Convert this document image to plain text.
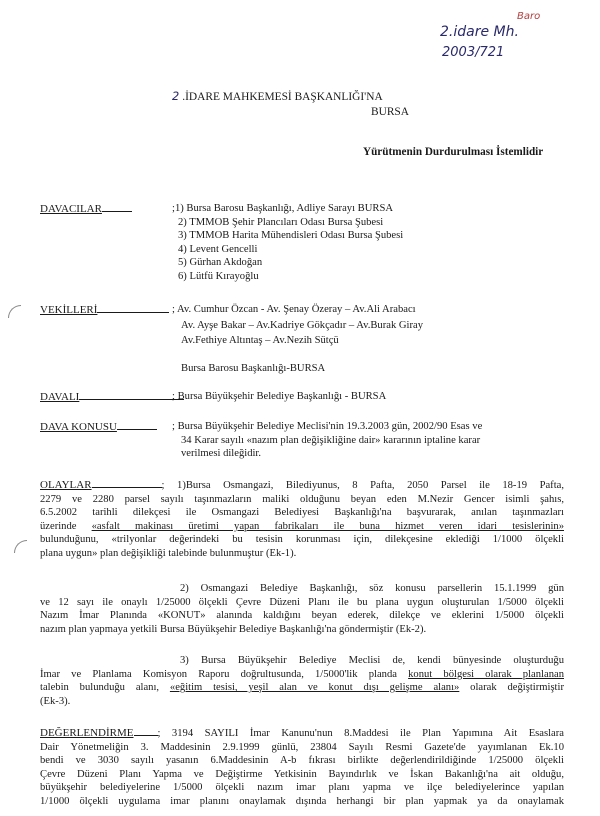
Baro
2.idare Mh.
2003/721
2 .İDARE MAHKEMESİ BAŞKANLIĞI'NA
BURSA
Yürütmenin Durdurulması İstemlidir
DAVACILAR	;1) Bursa Barosu Başkanlığı, Adliye Sarayı BURSA
2) TMMOB Şehir Plancıları Odası Bursa Şubesi
3) TMMOB Harita Mühendisleri Odası Bursa Şubesi
4) Levent Gencelli
5) Gürhan Akdoğan
6) Lütfü Kırayoğlu
VEKİLLERİ	; Av. Cumhur Özcan - Av. Şenay Özeray – Av.Ali Arabacı
Av. Ayşe Bakar – Av.Kadriye Gökçadır – Av.Burak Giray
Av.Fethiye Altıntaş – Av.Nezih Sütçü
Bursa Barosu Başkanlığı-BURSA
DAVALI	; Bursa Büyükşehir Belediye Başkanlığı - BURSA
DAVA KONUSU	; Bursa Büyükşehir Belediye Meclisi'nin 19.3.2003 gün, 2002/90 Esas ve
34 Karar sayılı «nazım plan değişikliğine dair» kararının iptaline karar
verilmesi dileğidir.
OLAYLAR	; 1)Bursa Osmangazi, Bilediyunus, 8 Pafta, 2050 Parsel ile 18-19 Pafta,
2279 ve 2280 parsel sayılı taşınmazların maliki olduğunu beyan eden M.Nezir Gencer isimli şahıs,
6.5.2002 tarihli dilekçesi ile Osmangazi Belediyesi Başkanlığı'na başvurarak, anılan taşınmazları
üzerinde «asfalt makinası üretimi yapan fabrikaları ile buna hizmet veren idari tesislerinin»
bulunduğunu, «trilyonlar değerindeki bu tesisin korunması için, dilekçesine eklediği 1/1000 ölçekli
plana uygun» plan değişikliği talebinde bulunmuştur (Ek-1).
2) Osmangazi Belediye Başkanlığı, söz konusu parsellerin 15.1.1999 gün
ve 12 sayı ile onaylı 1/25000 ölçekli Çevre Düzeni Planı ile bu plana uygun oluşturulan 1/5000 ölçekli
Nazım İmar Planında «KONUT» alanında kaldığını beyan ederek, dilekçe ve eklerini 1/5000 ölçekli
nazım plan yapmaya yetkili Bursa Büyükşehir Belediye Başkanlığı'na göndermiştir (Ek-2).
3) Bursa Büyükşehir Belediye Meclisi de, kendi bünyesinde oluşturduğu
İmar ve Planlama Komisyon Raporu doğrultusunda, 1/5000'lik planda konut bölgesi olarak planlanan
talebin bulunduğu alanı, «eğitim tesisi, yeşil alan ve konut dışı gelişme alanı» olarak değiştirmiştir
(Ek-3).
DEĞERLENDİRME ; 3194 SAYILI İmar Kanunu'nun 8.Maddesi ile Plan Yapımına Ait Esaslara
Dair Yönetmeliğin 3. Maddesinin 2.9.1999 günlü, 23804 Sayılı Resmi Gazete'de yayımlanan Ek.10
bendi ve 3030 sayılı yasanın 6.Maddesinin A-b fıkrası birlikte değerlendirildiğinde 1/25000 ölçekli
Çevre Düzeni Planı Yapma ve Değiştirme Yetkisinin Bayındırlık ve İskan Bakanlığı'na ait olduğu,
büyükşehir belediyelerine 1/5000 ölçekli nazım imar planı yapma ve ilçe belediyelerince yapılan
1/1000 ölçekli uygulama imar planını onaylamak dışında herhangi bir plan yapmak ya da onaylamak
